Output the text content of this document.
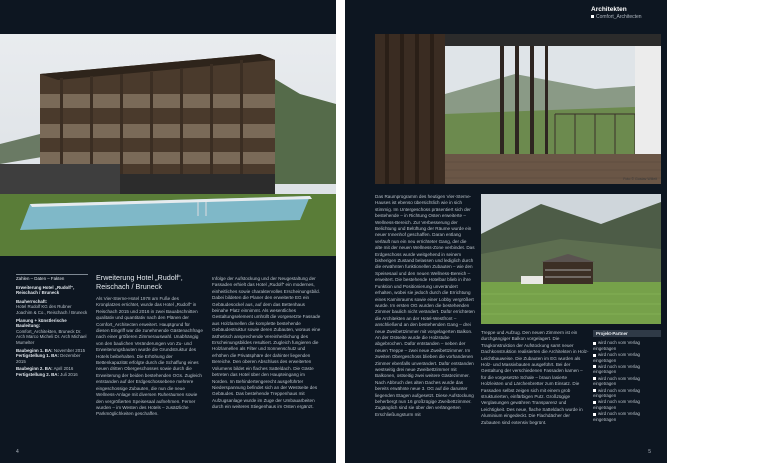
Zahlen – Daten – Fakten
Erweiterung Hotel „Rudolf“, Reischach / Bruneck
Bauherrschaft:
Hotel Rudolf KG des Rubner Joachim & Co., Reischach / Bruneck
Planung + künstlerische Bauleitung:
Comfort_Architekten, Bruneck Dr. Arch Marco Micheli Dr. Arch Michael Mumelter
Baubeginn 1. BA: November 2015
Fertigstellung 1. BA: Dezember 2015
Baubeginn 2. BA: April 2016
Fertigstellung 2. BA: Juli 2016
Erweiterung Hotel „Rudolf“, Reischach / Bruneck

Als Vier-Sterne-Hotel 1978 am Fuße des Kronplatzes errichtet, wurde das Hotel „Rudolf“ in Reischach 2015 und 2016 in zwei Bauabschnitten qualitativ und quantitativ nach den Plänen der Comfort_Architecten erweitert. Hauptgrund für diesen Eingriff war die zunehmende Gästenachfrage nach einer größeren Zimmerauswahl. Unabhängig von den baulichen Veränderungen von Zu- und Erweiterungsbauten wurde die Grundstruktur des Hotels beibehalten. Die Erhöhung der Bettenkapazität erfolgte durch die Schaffung eines neuen dritten Obergeschosses sowie durch die Erweiterung der beiden bestehenden OGs. Zugleich entstanden auf der Erdgeschossebene mehrere eingeschossige Zubauten, die nun die neue Wellness-Anlage mit diversen Ruheräumen sowie den vergrößerten Speisesaal aufnehmen. Ferner wurden – im Westen des Hotels – zusätzliche Parkmöglichkeiten geschaffen.

Infolge der Aufstockung und der Neugestaltung der Fassaden erhielt das Hotel „Rudolf“ ein modernes, einheitliches sowie charaktervolles Erscheinungsbild. Dabei bildeten die Planer den erweiterte EG ein Gebäudesockel aus, auf dem das Bettenhaus beinahe Platz einnimmt. Als wesentliches Gestaltungselement umhüllt die vorgesetzte Fassade aus Holzlamellen die komplette bestehende Gebäudestruktur sowie deren Zubauten, woraus eine ästhetisch ansprechende Vereinheitlichung des Erscheinungsbildes resultiert. Zugleich fungieren die Holzlamellen als Filter und Sonnenschutz und erhöhen die Privatsphäre der dahinter liegenden Bereiche. Den oberen Abschluss des erweiterten Volumens bildet ein flaches Satteldach. Die Gäste betreten das Hotel über den Haupteingang im Norden. Im Behindertengerecht ausgeführter Niederspannung befindet sich an der Westseite des Gebäudes. Das bestehende Treppenhaus mit Aufzugsanlage wurde im Zuge der Umbauarbeiten durch ein weiteres Stiegenhaus im Osten ergänzt.

4
Architekten
Comfort_Architecten
Foto © Gustav Willeit

Das Raumprogramm des heutigen Vier-Sterne-Hauses ist ebenso übersichtlich wie in sich stimmig. Im Untergeschoss präsentiert sich der bestehende – in Richtung Osten erweiterte – Wellness-Bereich. Zur Verbesserung der Belichtung und Belüftung der Räume wurde ein neuer Innenhof geschaffen. Daran entlang verläuft nun ein neu errichteter Gang, der die alte mit der neuen Wellness-Zone verbindet. Das Erdgeschoss wurde weitgehend in seinem bisherigen Zustand belassen und lediglich durch die erwähnten funktionellen Zubauten – wie den Speisesaal und den neuen Wellness-Bereich – erweitert. Die bestehende Hotelbar blieb in ihre Funktion und Positionierung unverändert erhalten, wobei sie jedoch durch die Errichtung eines Kaminraums sowie einer Lobby vergrößert wurde. Im ersten OG wurden die bestehenden Zimmer baulich nicht verändert. Dafür errichteten die Architekten an der Hotel-Westfront – anschließend an den bestehenden Gang – drei neue Zweibettzimmer mit vorgelagerten Balkon. An der Ostseite wurde die Holzstube abgebrochen. Dafür entstanden – neben der neuen Treppe – zwei neue Zweibettzimmer. Im zweiten Obergeschoss blieben die vorhandenen Zimmer ebenfalls unverändert. Dafür entstanden westseitig drei neue Zweibettzimmer mit Balkonen, ostseitig zwei weitere Gästezimmer. Nach Abbruch des alten Daches wurde das bereits erwähnte neue 3. OG auf die darunter liegenden Etagen aufgesetzt. Diese Aufstockung beherbergt nun 16 großzügige Zweibettzimmer. Zugänglich sind sie über den verlängerten Erschließungsturm mit

Treppe und Aufzug. Den neuen Zimmern ist ein durchgängiger Balkon vorgelagert. Die Tragkonstruktion der Aufstockung samt neuer Dachkonstruktion realisierten die Architekten in Holz-Leichtbauweise. Die Zubauten im EG wurden als Holz- und Massivbauten ausgeführt. Bei der Gestaltung der verschiedenen Fassaden kamen – für die vorgesetzte Schale – braun lasierte Holzleisten und Lärchenbretter zum Einsatz. Die Fassaden selbst zeigen sich mit einem grob strukturierten, einfärbigen Putz. Großzügige Verglasungen gewähren Transparenz und Leichtigkeit. Des neue, flache Satteldach wurde in Aluminium eingedeckt. Die Flachdächer der Zubauten sind extensiv begrünt.

Projekt-Partner
wird noch vom Verlag eingetragen
wird noch vom Verlag eingetragen
wird noch vom Verlag eingetragen
wird noch vom Verlag eingetragen
wird noch vom Verlag eingetragen
wird noch vom Verlag eingetragen
wird noch vom Verlag eingetragen
5
